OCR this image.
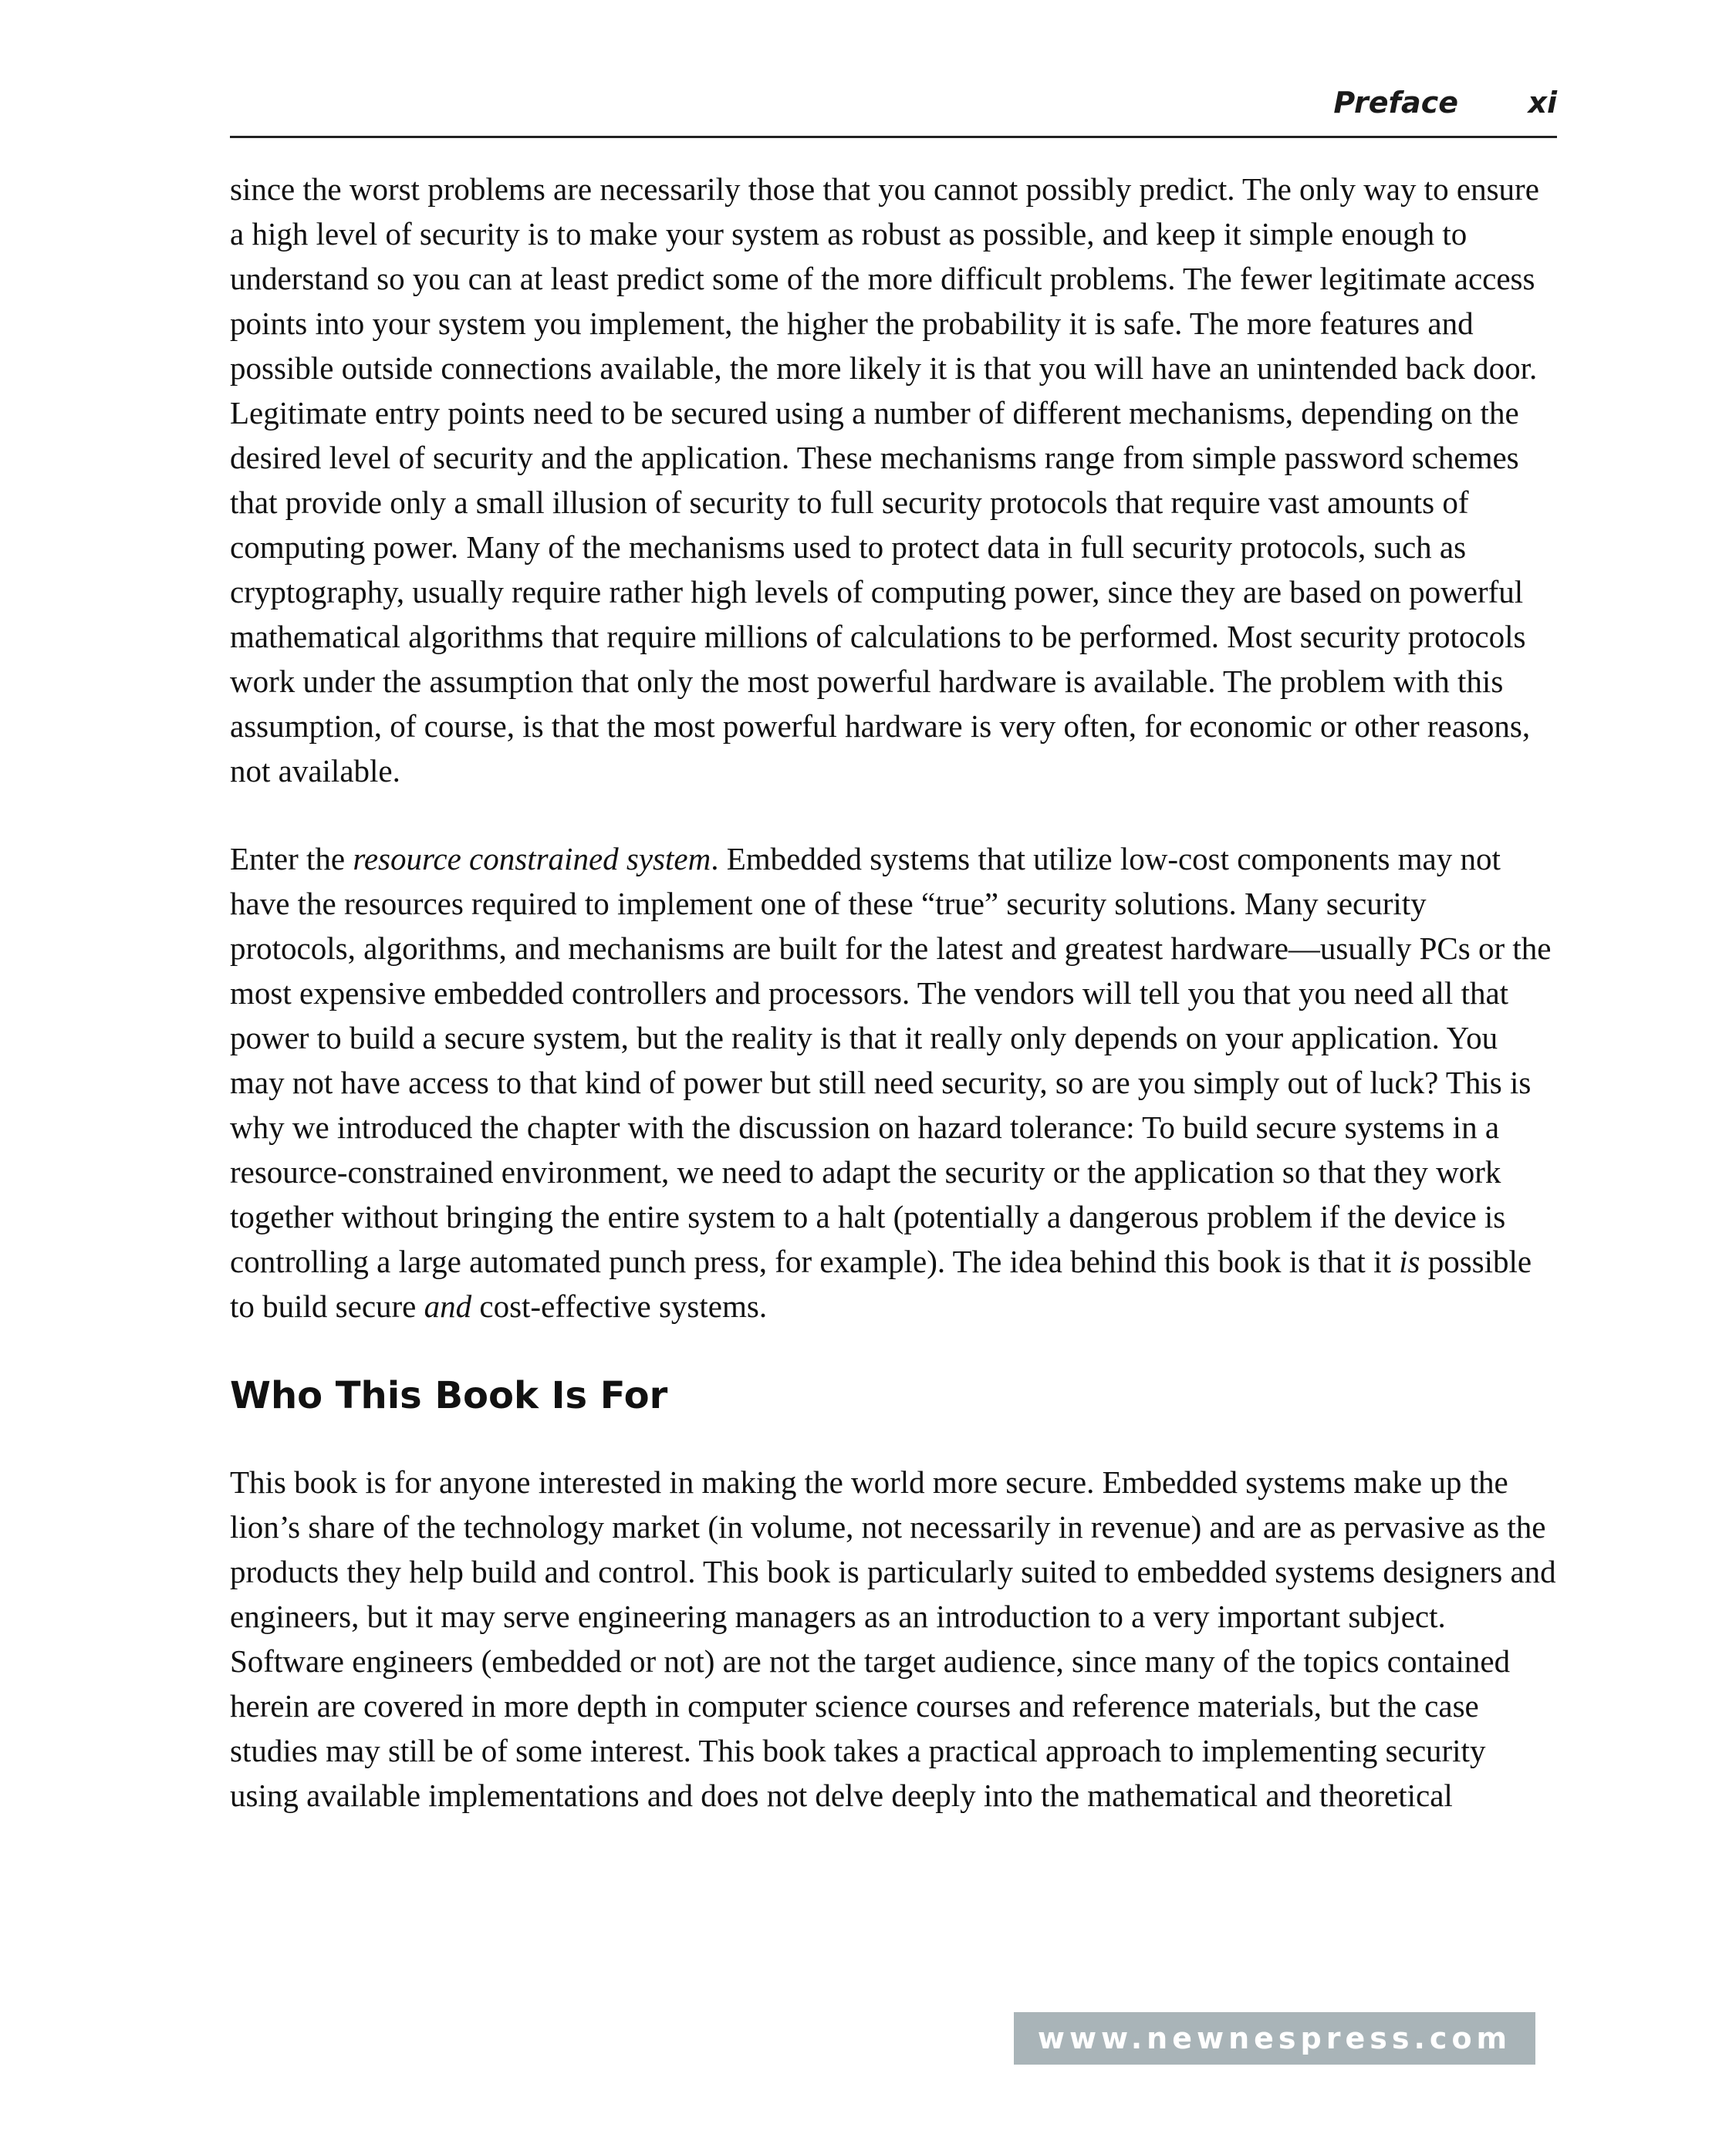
Preface xi

since the worst problems are necessarily those that you cannot possibly predict. The only way to ensure a high level of security is to make your system as robust as possible, and keep it simple enough to understand so you can at least predict some of the more difficult problems. The fewer legitimate access points into your system you implement, the higher the probability it is safe. The more features and possible outside connections available, the more likely it is that you will have an unintended back door. Legitimate entry points need to be secured using a number of different mechanisms, depending on the desired level of security and the application. These mechanisms range from simple password schemes that provide only a small illusion of security to full security protocols that require vast amounts of computing power. Many of the mechanisms used to protect data in full security protocols, such as cryptography, usually require rather high levels of computing power, since they are based on powerful mathematical algorithms that require millions of calculations to be performed. Most security protocols work under the assumption that only the most powerful hardware is available. The problem with this assumption, of course, is that the most powerful hardware is very often, for economic or other reasons, not available.

Enter the resource constrained system. Embedded systems that utilize low-cost components may not have the resources required to implement one of these “true” security solutions. Many security protocols, algorithms, and mechanisms are built for the latest and greatest hardware—usually PCs or the most expensive embedded controllers and processors. The vendors will tell you that you need all that power to build a secure system, but the reality is that it really only depends on your application. You may not have access to that kind of power but still need security, so are you simply out of luck? This is why we introduced the chapter with the discussion on hazard tolerance: To build secure systems in a resource-constrained environment, we need to adapt the security or the application so that they work together without bringing the entire system to a halt (potentially a dangerous problem if the device is controlling a large automated punch press, for example). The idea behind this book is that it is possible to build secure and cost-effective systems.

Who This Book Is For

This book is for anyone interested in making the world more secure. Embedded systems make up the lion’s share of the technology market (in volume, not necessarily in revenue) and are as pervasive as the products they help build and control. This book is particularly suited to embedded systems designers and engineers, but it may serve engineering managers as an introduction to a very important subject. Software engineers (embedded or not) are not the target audience, since many of the topics contained herein are covered in more depth in computer science courses and reference materials, but the case studies may still be of some interest. This book takes a practical approach to implementing security using available implementations and does not delve deeply into the mathematical and theoretical

www.newnespress.com
